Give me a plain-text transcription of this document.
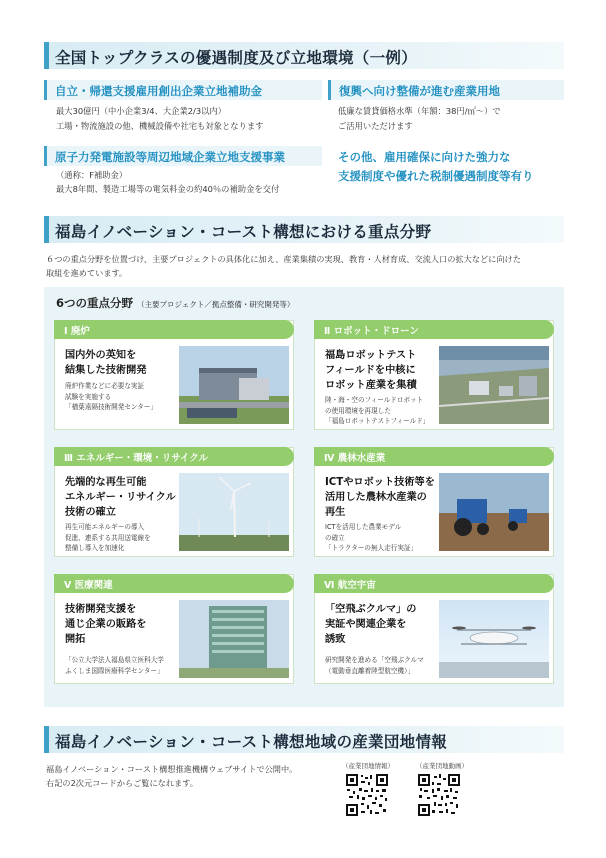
全国トップクラスの優遇制度及び立地環境（一例）
自立・帰還支援雇用創出企業立地補助金
最大30億円（中小企業3/4、大企業2/3以内）
工場・物流施設の他、機械設備や社宅も対象となります
復興へ向け整備が進む産業用地
低廉な賃貸価格水準（年額：38円/㎡〜）で
ご活用いただけます
原子力発電施設等周辺地域企業立地支援事業
（通称：F補助金）
最大8年間、製造工場等の電気料金の約40％の補助金を交付
その他、雇用確保に向けた強力な
支援制度や優れた税制優遇制度等有り
福島イノベーション・コースト構想における重点分野
６つの重点分野を位置づけ、主要プロジェクトの具体化に加え、産業集積の実現、教育・人材育成、交流人口の拡大などに向けた
取組を進めています。
6つの重点分野 （主要プロジェクト／拠点整備・研究開発等）
Ⅰ 廃炉
国内外の英知を
結集した技術開発
廃炉作業などに必要な実証
試験を実施する
「楢葉遠隔技術開発センター」
Ⅱ ロボット・ドローン
福島ロボットテスト
フィールドを中核に
ロボット産業を集積
陸・海・空のフィールドロボット
の使用環境を再現した
「福島ロボットテストフィールド」
Ⅲ エネルギー・環境・リサイクル
先端的な再生可能
エネルギー・リサイクル
技術の確立
再生可能エネルギーの導入
促進、連系する共用送電線を
整備し導入を加速化
Ⅳ 農林水産業
ICTやロボット技術等を
活用した農林水産業の
再生
ICTを活用した農業モデル
の確立
「トラクターの無人走行実証」
Ⅴ 医療関連
技術開発支援を
通じ企業の販路を
開拓
「公立大学法人福島県立医科大学
ふくしま国際医療科学センター」
Ⅵ 航空宇宙
「空飛ぶクルマ」の
実証や関連企業を
誘致
研究開発を進める「空飛ぶクルマ
（電動垂直離着陸型航空機）」
福島イノベーション・コースト構想地域の産業団地情報
福島イノベーション・コースト構想推進機構ウェブサイトで公開中。
右記の2次元コードからご覧になれます。
（産業団地情報）	（産業団地動画）
